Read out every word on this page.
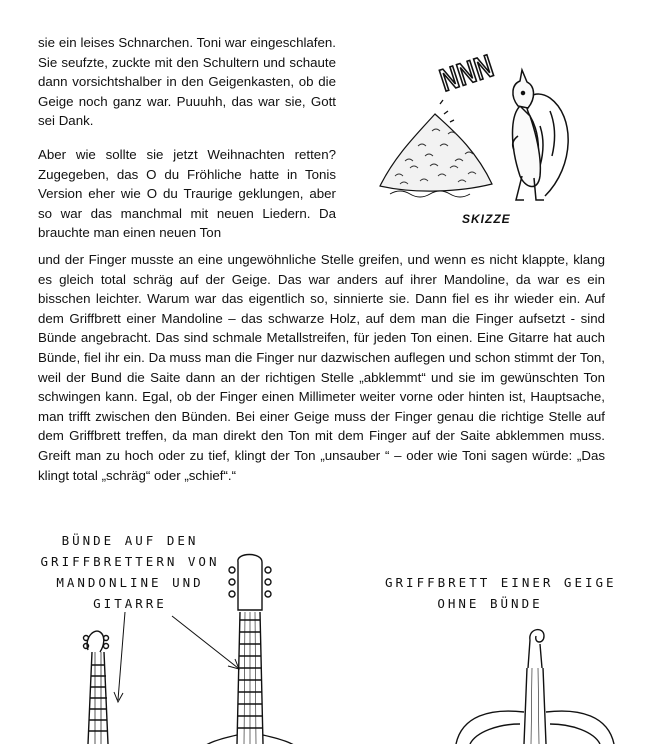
sie ein leises Schnarchen. Toni war eingeschlafen. Sie seufzte, zuckte mit den Schultern und schaute dann vorsichtshalber in den Geigenkasten, ob die Geige noch ganz war. Puuuhh, das war sie, Gott sei Dank.

Aber wie sollte sie jetzt Weihnachten retten? Zugegeben, das O du Fröhliche hatte in Tonis Version eher wie O du Traurige geklungen, aber so war das manchmal mit neuen Liedern. Da brauchte man einen neuen Ton

NNN
SKIZZE

und der Finger musste an eine ungewöhnliche Stelle greifen, und wenn es nicht klappte, klang es gleich total schräg auf der Geige. Das war anders auf ihrer Mandoline, da war es ein bisschen leichter. Warum war das eigentlich so, sinnierte sie. Dann fiel es ihr wieder ein. Auf dem Griffbrett einer Mandoline – das schwarze Holz, auf dem man die Finger aufsetzt - sind Bünde angebracht. Das sind schmale Metallstreifen, für jeden Ton einen. Eine Gitarre hat auch Bünde, fiel ihr ein. Da muss man die Finger nur dazwischen auflegen und schon stimmt der Ton, weil der Bund die Saite dann an der richtigen Stelle „abklemmt“ und sie im gewünschten Ton schwingen kann. Egal, ob der Finger einen Millimeter weiter vorne oder hinten ist, Hauptsache, man trifft zwischen den Bünden. Bei einer Geige muss der Finger genau die richtige Stelle auf dem Griffbrett treffen, da man direkt den Ton mit dem Finger auf der Saite abklemmen muss. Greift man zu hoch oder zu tief, klingt der Ton „unsauber “ – oder wie Toni sagen würde: „Das klingt total „schräg“ oder „schief“.“

BÜNDE AUF DEN
GRIFFBRETTERN VON
MANDONLINE UND
GITARRE
GRIFFBRETT EINER GEIGE
OHNE BÜNDE
